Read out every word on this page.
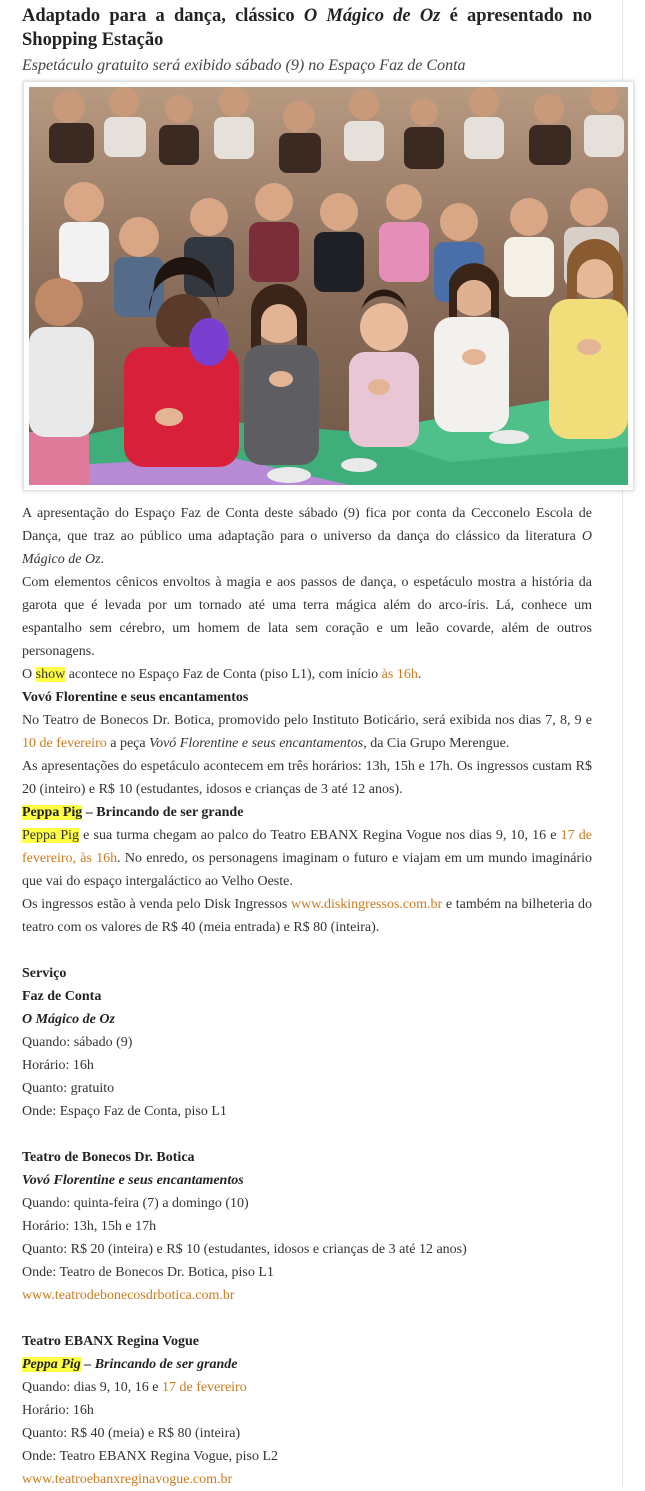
Adaptado para a dança, clássico O Mágico de Oz é apresentado no Shopping Estação
Espetáculo gratuito será exibido sábado (9) no Espaço Faz de Conta

A apresentação do Espaço Faz de Conta deste sábado (9) fica por conta da Cecconelo Escola de Dança, que traz ao público uma adaptação para o universo da dança do clássico da literatura O Mágico de Oz.

Com elementos cênicos envoltos à magia e aos passos de dança, o espetáculo mostra a história da garota que é levada por um tornado até uma terra mágica além do arco-íris. Lá, conhece um espantalho sem cérebro, um homem de lata sem coração e um leão covarde, além de outros personagens.

O show acontece no Espaço Faz de Conta (piso L1), com início às 16h.

Vovó Florentine e seus encantamentos

No Teatro de Bonecos Dr. Botica, promovido pelo Instituto Boticário, será exibida nos dias 7, 8, 9 e 10 de fevereiro a peça Vovó Florentine e seus encantamentos, da Cia Grupo Merengue.

As apresentações do espetáculo acontecem em três horários: 13h, 15h e 17h. Os ingressos custam R$ 20 (inteiro) e R$ 10 (estudantes, idosos e crianças de 3 até 12 anos).

Peppa Pig – Brincando de ser grande

Peppa Pig e sua turma chegam ao palco do Teatro EBANX Regina Vogue nos dias 9, 10, 16 e 17 de fevereiro, às 16h. No enredo, os personagens imaginam o futuro e viajam em um mundo imaginário que vai do espaço intergaláctico ao Velho Oeste.

Os ingressos estão à venda pelo Disk Ingressos www.diskingressos.com.br e também na bilheteria do teatro com os valores de R$ 40 (meia entrada) e R$ 80 (inteira).

Serviço

Faz de Conta

O Mágico de Oz

Quando: sábado (9)

Horário: 16h

Quanto: gratuito

Onde: Espaço Faz de Conta, piso L1

Teatro de Bonecos Dr. Botica

Vovó Florentine e seus encantamentos

Quando: quinta-feira (7) a domingo (10)

Horário: 13h, 15h e 17h

Quanto: R$ 20 (inteira) e R$ 10 (estudantes, idosos e crianças de 3 até 12 anos)

Onde: Teatro de Bonecos Dr. Botica, piso L1

www.teatrodebonecosdrbotica.com.br

Teatro EBANX Regina Vogue

Peppa Pig – Brincando de ser grande

Quando: dias 9, 10, 16 e 17 de fevereiro

Horário: 16h

Quanto: R$ 40 (meia) e R$ 80 (inteira)

Onde: Teatro EBANX Regina Vogue, piso L2

www.teatroebanxreginavogue.com.br
